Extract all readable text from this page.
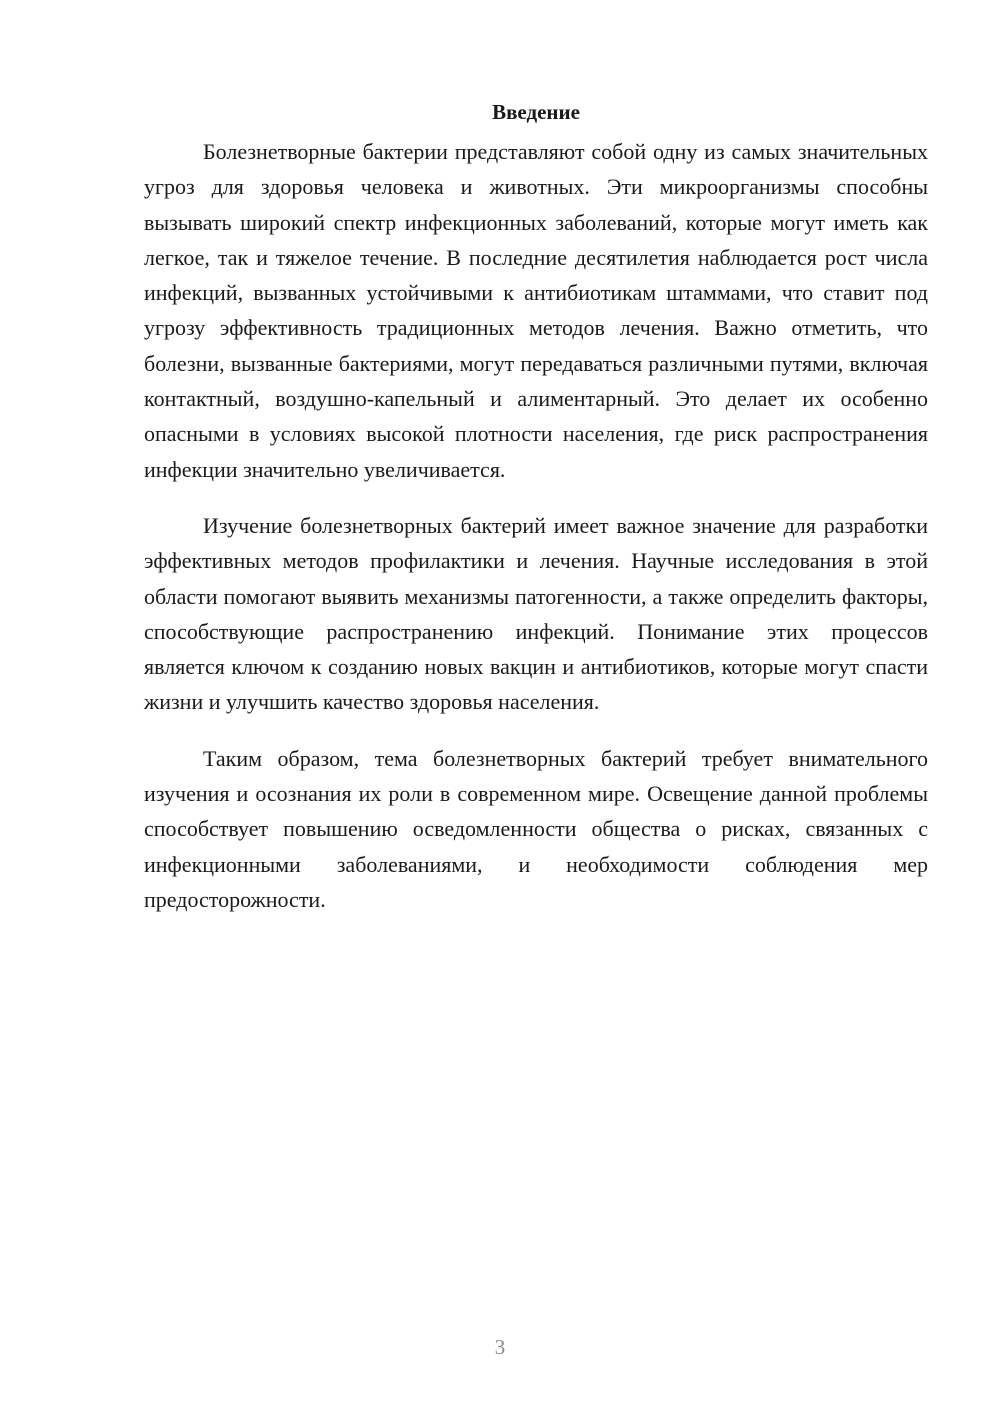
Введение

Болезнетворные бактерии представляют собой одну из самых значительных угроз для здоровья человека и животных. Эти микроорганизмы способны вызывать широкий спектр инфекционных заболеваний, которые могут иметь как легкое, так и тяжелое течение. В последние десятилетия наблюдается рост числа инфекций, вызванных устойчивыми к антибиотикам штаммами, что ставит под угрозу эффективность традиционных методов лечения. Важно отметить, что болезни, вызванные бактериями, могут передаваться различными путями, включая контактный, воздушно-капельный и алиментарный. Это делает их особенно опасными в условиях высокой плотности населения, где риск распространения инфекции значительно увеличивается.

Изучение болезнетворных бактерий имеет важное значение для разработки эффективных методов профилактики и лечения. Научные исследования в этой области помогают выявить механизмы патогенности, а также определить факторы, способствующие распространению инфекций. Понимание этих процессов является ключом к созданию новых вакцин и антибиотиков, которые могут спасти жизни и улучшить качество здоровья населения.

Таким образом, тема болезнетворных бактерий требует внимательного изучения и осознания их роли в современном мире. Освещение данной проблемы способствует повышению осведомленности общества о рисках, связанных с инфекционными заболеваниями, и необходимости соблюдения мер предосторожности.

3
